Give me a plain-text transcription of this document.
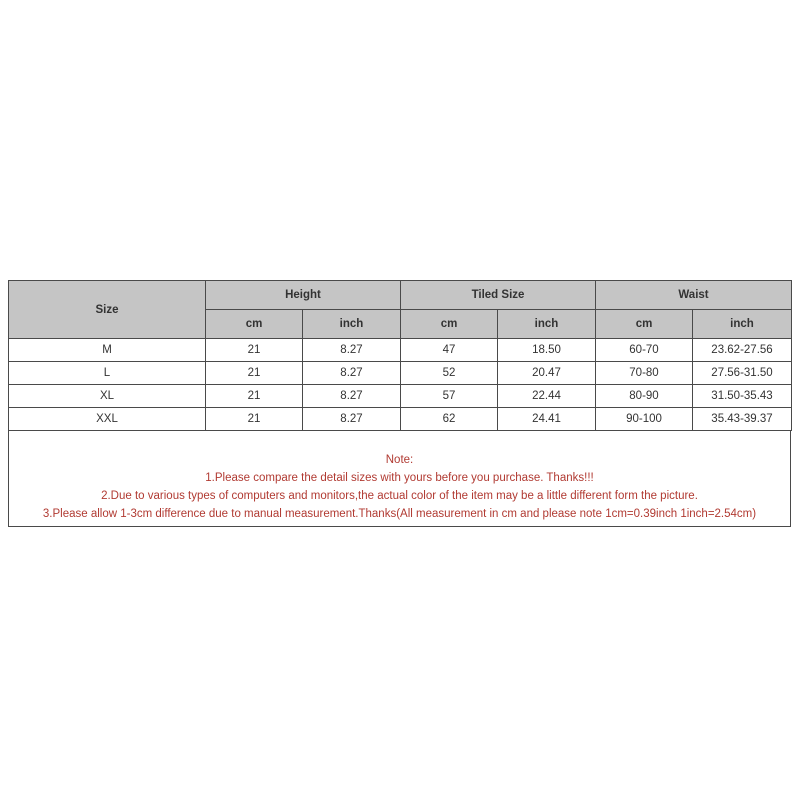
Size	Height		Tiled Size		Waist	
	cm	inch	cm	inch	cm	inch
M	21	8.27	47	18.50	60-70	23.62-27.56
L	21	8.27	52	20.47	70-80	27.56-31.50
XL	21	8.27	57	22.44	80-90	31.50-35.43
XXL	21	8.27	62	24.41	90-100	35.43-39.37

Note:

1.Please compare the detail sizes with yours before you purchase. Thanks!!!

2.Due to various types of computers and monitors,the actual color of the item may be a little different form the picture.

3.Please allow 1-3cm difference due to manual measurement.Thanks(All measurement in cm and please note 1cm=0.39inch 1inch=2.54cm)
